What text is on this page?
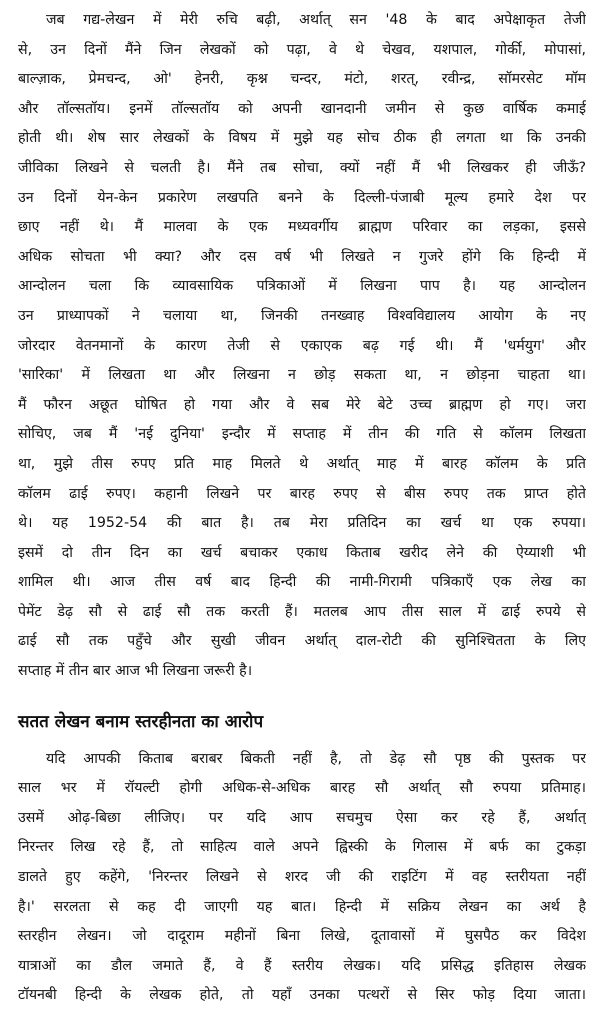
जब गद्य-लेखन में मेरी रुचि बढ़ी, अर्थात् सन '48 के बाद अपेक्षाकृत तेजी
से, उन दिनों मैंने जिन लेखकों को पढ़ा, वे थे चेखव, यशपाल, गोर्की, मोपासां,
बाल्ज़ाक, प्रेमचन्द, ओ' हेनरी, कृश्न चन्दर, मंटो, शरत्, रवीन्द्र, सॉमरसेट मॉम
और तॉल्सतॉय। इनमें तॉल्सतॉय को अपनी खानदानी जमीन से कुछ वार्षिक कमाई
होती थी। शेष सार लेखकों के विषय में मुझे यह सोच ठीक ही लगता था कि उनकी
जीविका लिखने से चलती है। मैंने तब सोचा, क्यों नहीं मैं भी लिखकर ही जीऊँ?
उन दिनों येन-केन प्रकारेण लखपति बनने के दिल्ली-पंजाबी मूल्य हमारे देश पर
छाए नहीं थे। मैं मालवा के एक मध्यवर्गीय ब्राह्मण परिवार का लड़का, इससे
अधिक सोचता भी क्या? और दस वर्ष भी लिखते न गुजरे होंगे कि हिन्दी में
आन्दोलन चला कि व्यावसायिक पत्रिकाओं में लिखना पाप है। यह आन्दोलन
उन प्राध्यापकों ने चलाया था, जिनकी तनख्वाह विश्वविद्यालय आयोग के नए
जोरदार वेतनमानों के कारण तेजी से एकाएक बढ़ गई थी। मैं 'धर्मयुग' और
'सारिका' में लिखता था और लिखना न छोड़ सकता था, न छोड़ना चाहता था।
मैं फौरन अछूत घोषित हो गया और वे सब मेरे बेटे उच्च ब्राह्मण हो गए। जरा
सोचिए, जब मैं 'नई दुनिया' इन्दौर में सप्ताह में तीन की गति से कॉलम लिखता
था, मुझे तीस रुपए प्रति माह मिलते थे अर्थात् माह में बारह कॉलम के प्रति
कॉलम ढाई रुपए। कहानी लिखने पर बारह रुपए से बीस रुपए तक प्राप्त होते
थे। यह 1952-54 की बात है। तब मेरा प्रतिदिन का खर्च था एक रुपया।
इसमें दो तीन दिन का खर्च बचाकर एकाध किताब खरीद लेने की ऐय्याशी भी
शामिल थी। आज तीस वर्ष बाद हिन्दी की नामी-गिरामी पत्रिकाएँ एक लेख का
पेमेंट डेढ़ सौ से ढाई सौ तक करती हैं। मतलब आप तीस साल में ढाई रुपये से
ढाई सौ तक पहुँचे और सुखी जीवन अर्थात् दाल-रोटी की सुनिश्चितता के लिए
सप्ताह में तीन बार आज भी लिखना जरूरी है।
सतत लेखन बनाम स्तरहीनता का आरोप
यदि आपकी किताब बराबर बिकती नहीं है, तो डेढ़ सौ पृष्ठ की पुस्तक पर
साल भर में रॉयल्टी होगी अधिक-से-अधिक बारह सौ अर्थात् सौ रुपया प्रतिमाह।
उसमें ओढ़-बिछा लीजिए। पर यदि आप सचमुच ऐसा कर रहे हैं, अर्थात्
निरन्तर लिख रहे हैं, तो साहित्य वाले अपने ह्विस्की के गिलास में बर्फ का टुकड़ा
डालते हुए कहेंगे, 'निरन्तर लिखने से शरद जी की राइटिंग में वह स्तरीयता नहीं
है।' सरलता से कह दी जाएगी यह बात। हिन्दी में सक्रिय लेखन का अर्थ है
स्तरहीन लेखन। जो दादूराम महीनों बिना लिखे, दूतावासों में घुसपैठ कर विदेश
यात्राओं का डौल जमाते हैं, वे हैं स्तरीय लेखक। यदि प्रसिद्ध इतिहास लेखक
टॉयनबी हिन्दी के लेखक होते, तो यहाँ उनका पत्थरों से सिर फोड़ दिया जाता।
